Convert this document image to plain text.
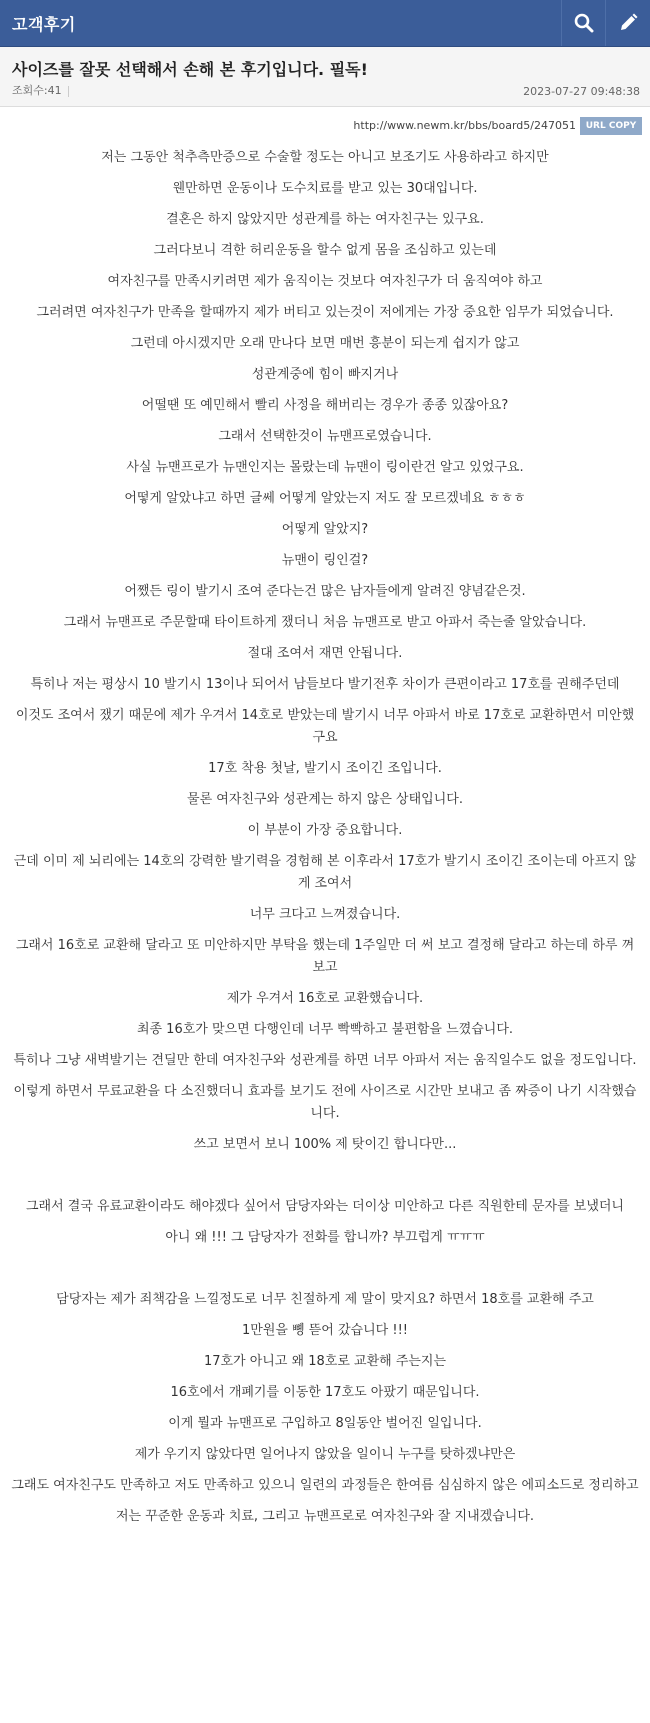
고객후기
사이즈를 잘못 선택해서 손해 본 후기입니다. 필독!
조회수:41	2023-07-27 09:48:38
http://www.newm.kr/bbs/board5/247051	URL COPY

저는 그동안 척추측만증으로 수술할 정도는 아니고 보조기도 사용하라고 하지만

웬만하면 운동이나 도수치료를 받고 있는 30대입니다.

결혼은 하지 않았지만 성관계를 하는 여자친구는 있구요.

그러다보니 격한 허리운동을 할수 없게 몸을 조심하고 있는데

여자친구를 만족시키려면 제가 움직이는 것보다 여자친구가 더 움직여야 하고

그러려면 여자친구가 만족을 할때까지 제가 버티고 있는것이 저에게는 가장 중요한 임무가 되었습니다.

그런데 아시겠지만 오래 만나다 보면 매번 흥분이 되는게 쉽지가 않고

성관계중에 힘이 빠지거나

어떨땐 또 예민해서 빨리 사정을 해버리는 경우가 종종 있잖아요?

그래서 선택한것이 뉴맨프로였습니다.

사실 뉴맨프로가 뉴맨인지는 몰랐는데 뉴맨이 링이란건 알고 있었구요.

어떻게 알았냐고 하면 글쎄 어떻게 알았는지 저도 잘 모르겠네요 ㅎㅎㅎ

어떻게 알았지?

뉴맨이 링인걸?

어쨌든 링이 발기시 조여 준다는건 많은 남자들에게 알려진 양념같은것.

그래서 뉴맨프로 주문할때 타이트하게 쟀더니 처음 뉴맨프로 받고 아파서 죽는줄 알았습니다.

절대 조여서 재면 안됩니다.

특히나 저는 평상시 10 발기시 13이나 되어서 남들보다 발기전후 차이가 큰편이라고 17호를 권해주던데

이것도 조여서 쟀기 때문에 제가 우겨서 14호로 받았는데 발기시 너무 아파서 바로 17호로 교환하면서 미안했구요

17호 착용 첫날, 발기시 조이긴 조입니다.

물론 여자친구와 성관계는 하지 않은 상태입니다.

이 부분이 가장 중요합니다.

근데 이미 제 뇌리에는 14호의 강력한 발기력을 경험해 본 이후라서 17호가 발기시 조이긴 조이는데 아프지 않게 조여서

너무 크다고 느껴졌습니다.

그래서 16호로 교환해 달라고 또 미안하지만 부탁을 했는데 1주일만 더 써 보고 결정해 달라고 하는데 하루 껴 보고

제가 우겨서 16호로 교환했습니다.

최종 16호가 맞으면 다행인데 너무 빡빡하고 불편함을 느꼈습니다.

특히나 그냥 새벽발기는 견딜만 한데 여자친구와 성관계를 하면 너무 아파서 저는 움직일수도 없을 정도입니다.

이렇게 하면서 무료교환을 다 소진했더니 효과를 보기도 전에 사이즈로 시간만 보내고 좀 짜증이 나기 시작했습니다.

쓰고 보면서 보니 100% 제 탓이긴 합니다만...

그래서 결국 유료교환이라도 해야겠다 싶어서 담당자와는 더이상 미안하고 다른 직원한테 문자를 보냈더니

아니 왜 !!! 그 담당자가 전화를 합니까? 부끄럽게 ㅠㅠㅠ

담당자는 제가 죄책감을 느낄정도로 너무 친절하게 제 말이 맞지요? 하면서 18호를 교환해 주고

1만원을 뼹 뜯어 갔습니다 !!!

17호가 아니고 왜 18호로 교환해 주는지는

16호에서 개폐기를 이동한 17호도 아팠기 때문입니다.

이게 뭘과 뉴맨프로 구입하고 8일동안 벌어진 일입니다.

제가 우기지 않았다면 일어나지 않았을 일이니 누구를 탓하겠냐만은

그래도 여자친구도 만족하고 저도 만족하고 있으니 일련의 과정들은 한여름 심심하지 않은 에피소드로 정리하고

저는 꾸준한 운동과 치료, 그리고 뉴맨프로로 여자친구와 잘 지내겠습니다.
